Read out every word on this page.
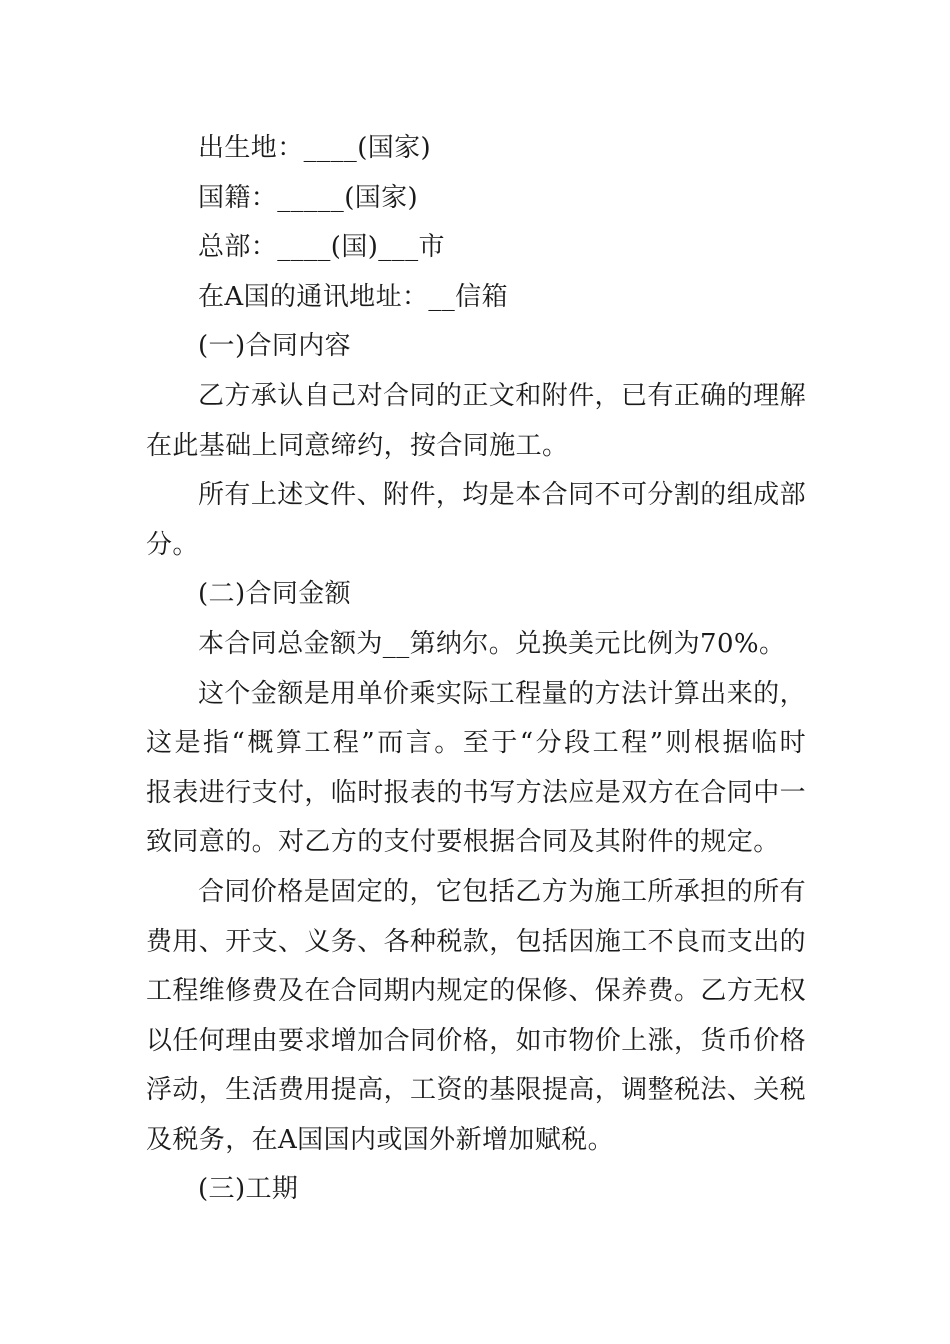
出生地：____(国家)
国籍：_____(国家)
总部：____(国)___市
在A国的通讯地址：__信箱
(一)合同内容
乙方承认自己对合同的正文和附件，已有正确的理解
在此基础上同意缔约，按合同施工。
所有上述文件、附件，均是本合同不可分割的组成部
分。
(二)合同金额
本合同总金额为__第纳尔。兑换美元比例为70%。
这个金额是用单价乘实际工程量的方法计算出来的，
这是指“概算工程”而言。至于“分段工程”则根据临时
报表进行支付，临时报表的书写方法应是双方在合同中一
致同意的。对乙方的支付要根据合同及其附件的规定。
合同价格是固定的，它包括乙方为施工所承担的所有
费用、开支、义务、各种税款，包括因施工不良而支出的
工程维修费及在合同期内规定的保修、保养费。乙方无权
以任何理由要求增加合同价格，如市物价上涨，货币价格
浮动，生活费用提高，工资的基限提高，调整税法、关税
及税务，在A国国内或国外新增加赋税。
(三)工期
